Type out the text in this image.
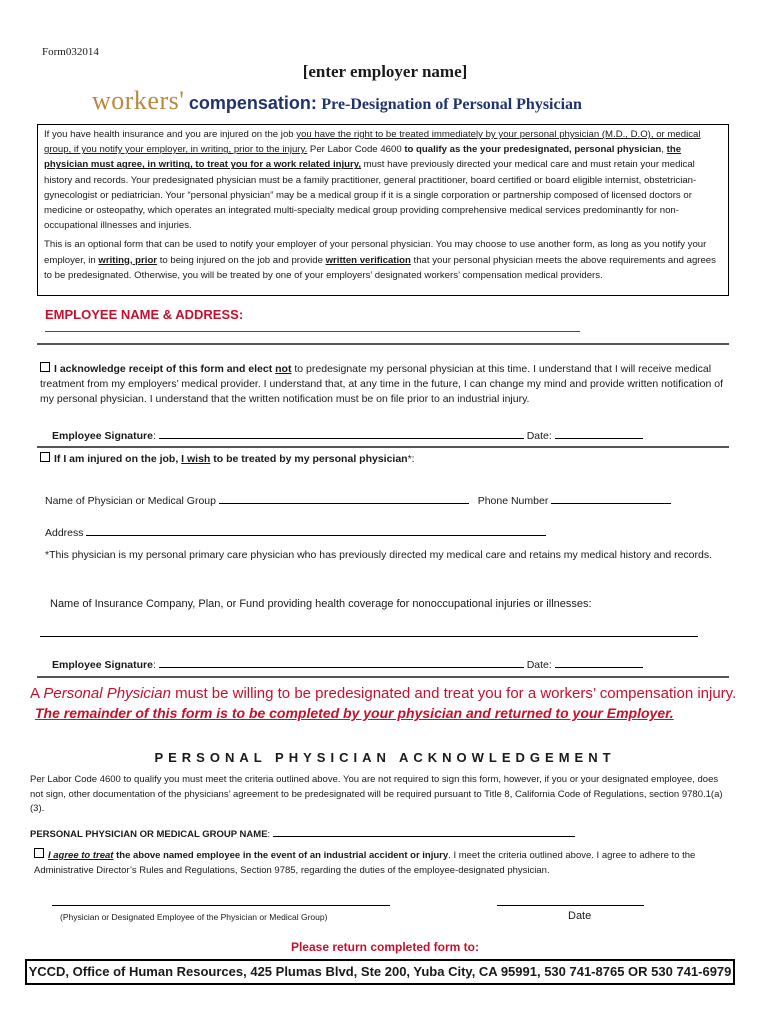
Form032014
[enter employer name]
workers' compensation: Pre-Designation of Personal Physician

If you have health insurance and you are injured on the job you have the right to be treated immediately by your personal physician (M.D., D.O), or medical group, if you notify your employer, in writing, prior to the injury. Per Labor Code 4600 to qualify as the your predesignated, personal physician, the physician must agree, in writing, to treat you for a work related injury, must have previously directed your medical care and must retain your medical history and records. Your predesignated physician must be a family practitioner, general practitioner, board certified or board eligible internist, obstetrician-gynecologist or pediatrician. Your “personal physician” may be a medical group if it is a single corporation or partnership composed of licensed doctors or medicine or osteopathy, which operates an integrated multi-specialty medical group providing comprehensive medical services predominantly for non-occupational illnesses and injuries.

This is an optional form that can be used to notify your employer of your personal physician. You may choose to use another form, as long as you notify your employer, in writing, prior to being injured on the job and provide written verification that your personal physician meets the above requirements and agrees to be predesignated. Otherwise, you will be treated by one of your employers’ designated workers’ compensation medical providers.

EMPLOYEE NAME & ADDRESS:
I acknowledge receipt of this form and elect not to predesignate my personal physician at this time. I understand that I will receive medical treatment from my employers’ medical provider. I understand that, at any time in the future, I can change my mind and provide written notification of my personal physician. I understand that the written notification must be on file prior to an industrial injury.
Employee Signature:	Date:
If I am injured on the job, I wish to be treated by my personal physician*:
Name of Physician or Medical Group	Phone Number
Address
*This physician is my personal primary care physician who has previously directed my medical care and retains my medical history and records.
Name of Insurance Company, Plan, or Fund providing health coverage for nonoccupational injuries or illnesses:
Employee Signature:	Date:
A Personal Physician must be willing to be predesignated and treat you for a workers’ compensation injury.
The remainder of this form is to be completed by your physician and returned to your Employer.
PERSONAL PHYSICIAN ACKNOWLEDGEMENT
Per Labor Code 4600 to qualify you must meet the criteria outlined above. You are not required to sign this form, however, if you or your designated employee, does not sign, other documentation of the physicians’ agreement to be predesignated will be required pursuant to Title 8, California Code of Regulations, section 9780.1(a)(3).
PERSONAL PHYSICIAN OR MEDICAL GROUP NAME:
I agree to treat the above named employee in the event of an industrial accident or injury. I meet the criteria outlined above. I agree to adhere to the Administrative Director’s Rules and Regulations, Section 9785, regarding the duties of the employee-designated physician.
(Physician or Designated Employee of the Physician or Medical Group)	Date
Please return completed form to:
YCCD, Office of Human Resources, 425 Plumas Blvd, Ste 200, Yuba City, CA 95991, 530 741-8765 OR 530 741-6979
